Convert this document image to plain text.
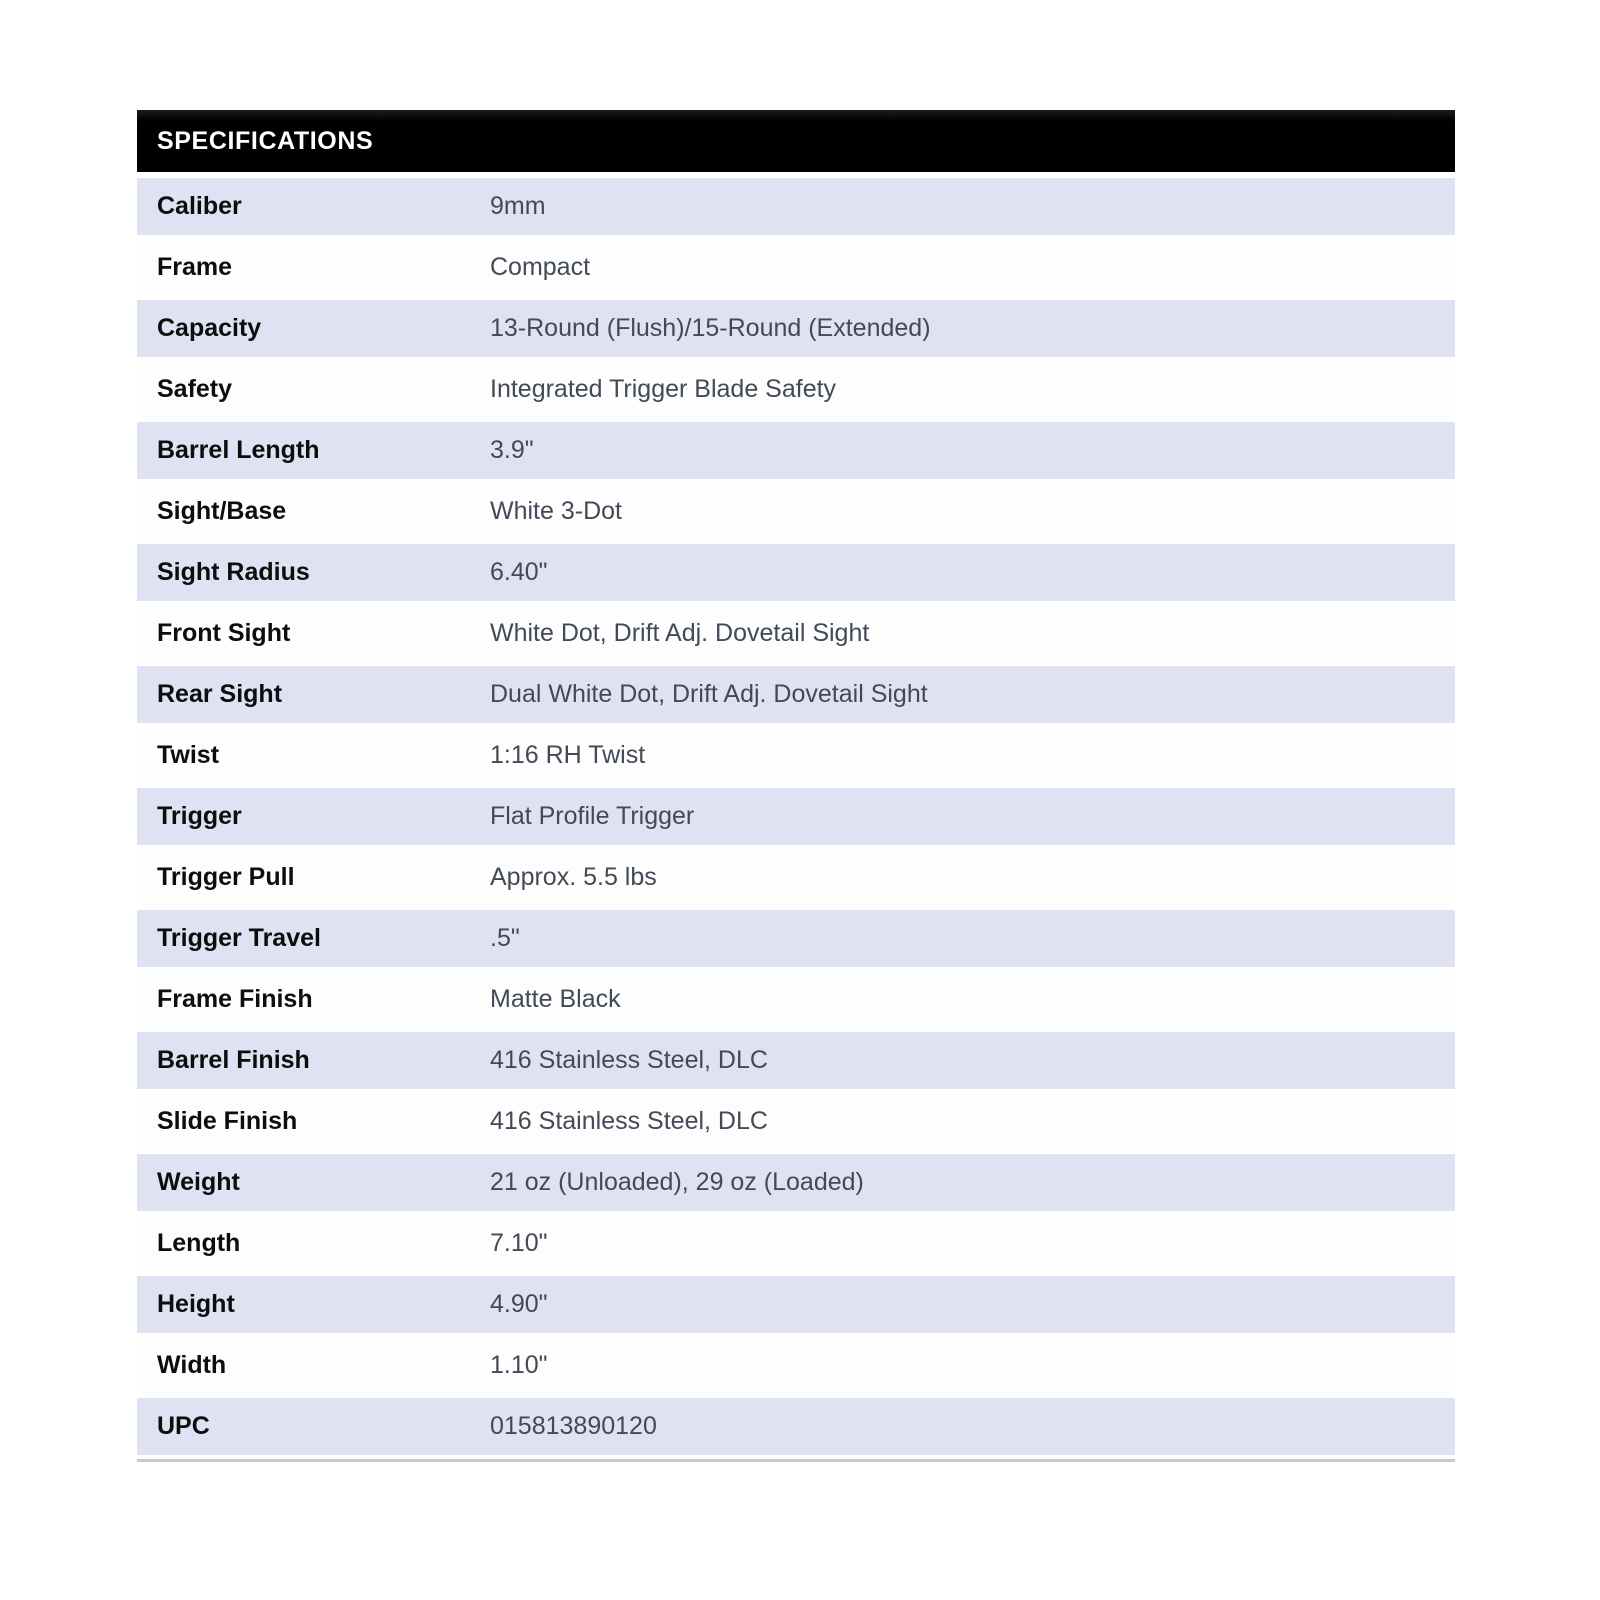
SPECIFICATIONS
Caliber	9mm
Frame	Compact
Capacity	13-Round (Flush)/15-Round (Extended)
Safety	Integrated Trigger Blade Safety
Barrel Length	3.9"
Sight/Base	White 3-Dot
Sight Radius	6.40"
Front Sight	White Dot, Drift Adj. Dovetail Sight
Rear Sight	Dual White Dot, Drift Adj. Dovetail Sight
Twist	1:16 RH Twist
Trigger	Flat Profile Trigger
Trigger Pull	Approx. 5.5 lbs
Trigger Travel	.5"
Frame Finish	Matte Black
Barrel Finish	416 Stainless Steel, DLC
Slide Finish	416 Stainless Steel, DLC
Weight	21 oz (Unloaded), 29 oz (Loaded)
Length	7.10"
Height	4.90"
Width	1.10"
UPC	015813890120
